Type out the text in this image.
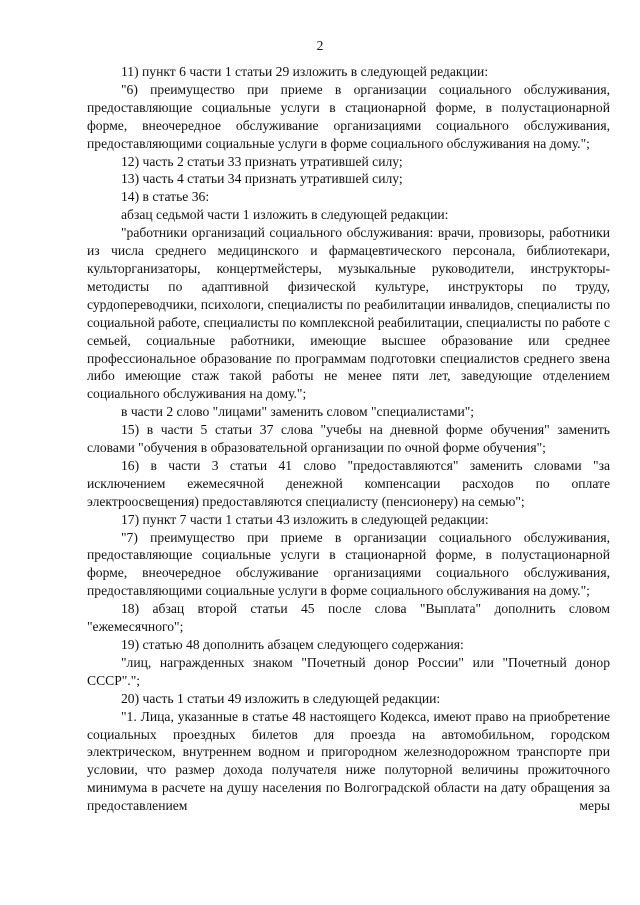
2

11) пункт 6 части 1 статьи 29 изложить в следующей редакции:

"6) преимущество при приеме в организации социального обслуживания, предоставляющие социальные услуги в стационарной форме, в полустационарной форме, внеочередное обслуживание организациями социального обслуживания, предоставляющими социальные услуги в форме социального обслуживания на дому.";

12) часть 2 статьи 33 признать утратившей силу;

13) часть 4 статьи 34 признать утратившей силу;

14) в статье 36:

абзац седьмой части 1 изложить в следующей редакции:

"работники организаций социального обслуживания: врачи, провизоры, работники из числа среднего медицинского и фармацевтического персонала, библиотекари, культорганизаторы, концертмейстеры, музыкальные руководители, инструкторы-методисты по адаптивной физической культуре, инструкторы по труду, сурдопереводчики, психологи, специалисты по реабилитации инвалидов, специалисты по социальной работе, специалисты по комплексной реабилитации, специалисты по работе с семьей, социальные работники, имеющие высшее образование или среднее профессиональное образование по программам подготовки специалистов среднего звена либо имеющие стаж такой работы не менее пяти лет, заведующие отделением социального обслуживания на дому.";

в части 2 слово "лицами" заменить словом "специалистами";

15) в части 5 статьи 37 слова "учебы на дневной форме обучения" заменить словами "обучения в образовательной организации по очной форме обучения";

16) в части 3 статьи 41 слово "предоставляются" заменить словами "за исключением ежемесячной денежной компенсации расходов по оплате электроосвещения) предоставляются специалисту (пенсионеру) на семью";

17) пункт 7 части 1 статьи 43 изложить в следующей редакции:

"7) преимущество при приеме в организации социального обслуживания, предоставляющие социальные услуги в стационарной форме, в полустационарной форме, внеочередное обслуживание организациями социального обслуживания, предоставляющими социальные услуги в форме социального обслуживания на дому.";

18) абзац второй статьи 45 после слова "Выплата" дополнить словом "ежемесячного";

19) статью 48 дополнить абзацем следующего содержания:

"лиц, награжденных знаком "Почетный донор России" или "Почетный донор СССР".";

20) часть 1 статьи 49 изложить в следующей редакции:

"1. Лица, указанные в статье 48 настоящего Кодекса, имеют право на приобретение социальных проездных билетов для проезда на автомобильном, городском электрическом, внутреннем водном и пригородном железнодорожном транспорте при условии, что размер дохода получателя ниже полуторной величины прожиточного минимума в расчете на душу населения по Волгоградской области на дату обращения за предоставлением меры
